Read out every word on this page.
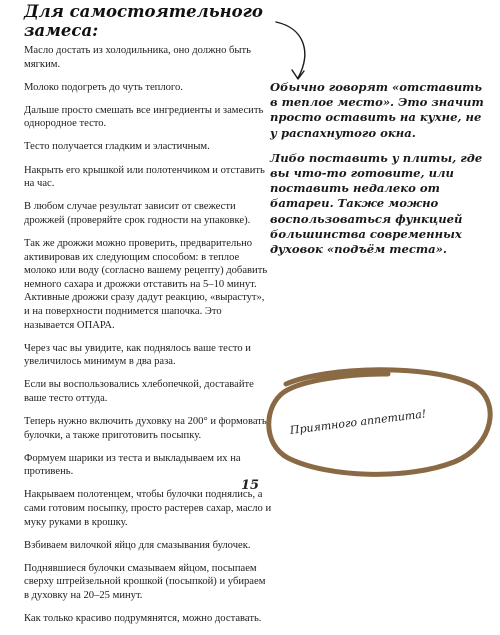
Для самостоятельного замеса:

Масло достать из холодильника, оно должно быть мягким.

Молоко подогреть до чуть теплого.

Дальше просто смешать все ингредиенты и замесить однородное тесто.

Тесто получается гладким и эластичным.

Накрыть его крышкой или полотенчиком и отставить на час.

В любом случае результат зависит от свежести дрожжей (проверяйте срок годности на упаковке).

Так же дрожжи можно проверить, предварительно активировав их следующим способом: в теплое молоко или воду (согласно вашему рецепту) добавить немного сахара и дрожжи отставить на 5–10 минут. Активные дрожжи сразу дадут реакцию, «вырастут», и на поверхности поднимется шапочка. Это называется ОПАРА.

Через час вы увидите, как поднялось ваше тесто и увеличилось минимум в два раза.

Если вы воспользовались хлебопечкой, доставайте ваше тесто оттуда.

Теперь нужно включить духовку на 200° и формовать булочки, а также приготовить посыпку.

Формуем шарики из теста и выкладываем их на противень.

Накрываем полотенцем, чтобы булочки поднялись, а сами готовим посыпку, просто растерев сахар, масло и муку руками в крошку.

Взбиваем вилочкой яйцо для смазывания булочек.

Поднявшиеся булочки смазываем яйцом, посыпаем сверху штрейзельной крошкой (посыпкой) и убираем в духовку на 20–25 минут.

Как только красиво подрумянятся, можно доставать.

Обычно говорят «отставить в теплое место». Это значит просто оставить на кухне, не у распахнутого окна.

Либо поставить у плиты, где вы что-то готовите, или поставить недалеко от батареи. Также можно воспользоваться функцией большинства современных духовок «подъём теста».

Приятного аппетита!
15
